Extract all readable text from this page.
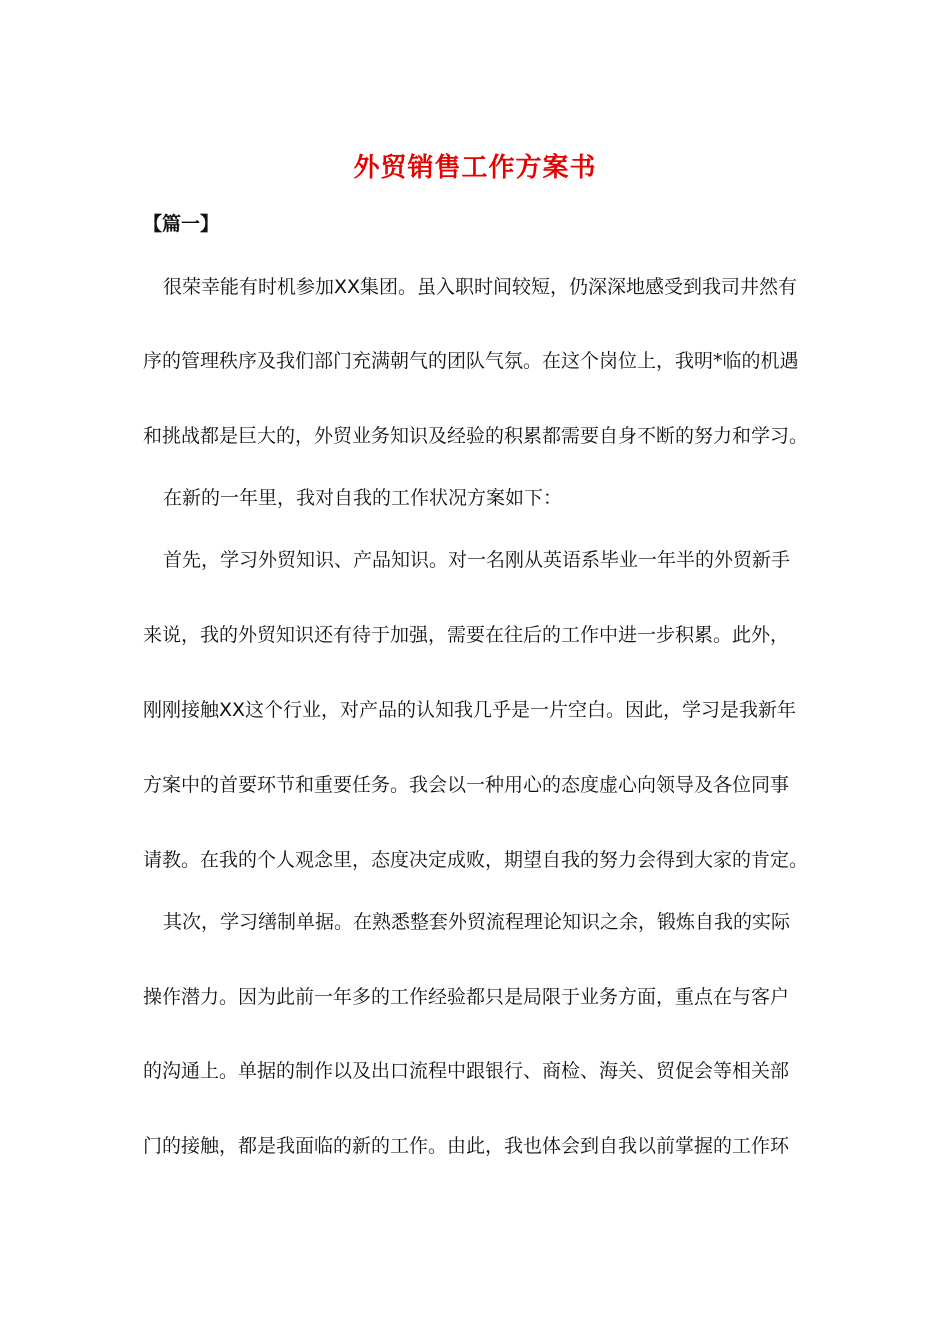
外贸销售工作方案书
【篇一】
很荣幸能有时机参加XX集团。虽入职时间较短，仍深深地感受到我司井然有
序的管理秩序及我们部门充满朝气的团队气氛。在这个岗位上，我明*临的机遇
和挑战都是巨大的，外贸业务知识及经验的积累都需要自身不断的努力和学习。
在新的一年里，我对自我的工作状况方案如下：
首先，学习外贸知识、产品知识。对一名刚从英语系毕业一年半的外贸新手
来说，我的外贸知识还有待于加强，需要在往后的工作中进一步积累。此外，
刚刚接触XX这个行业，对产品的认知我几乎是一片空白。因此，学习是我新年
方案中的首要环节和重要任务。我会以一种用心的态度虚心向领导及各位同事
请教。在我的个人观念里，态度决定成败，期望自我的努力会得到大家的肯定。
其次，学习缮制单据。在熟悉整套外贸流程理论知识之余，锻炼自我的实际
操作潜力。因为此前一年多的工作经验都只是局限于业务方面，重点在与客户
的沟通上。单据的制作以及出口流程中跟银行、商检、海关、贸促会等相关部
门的接触，都是我面临的新的工作。由此，我也体会到自我以前掌握的工作环
